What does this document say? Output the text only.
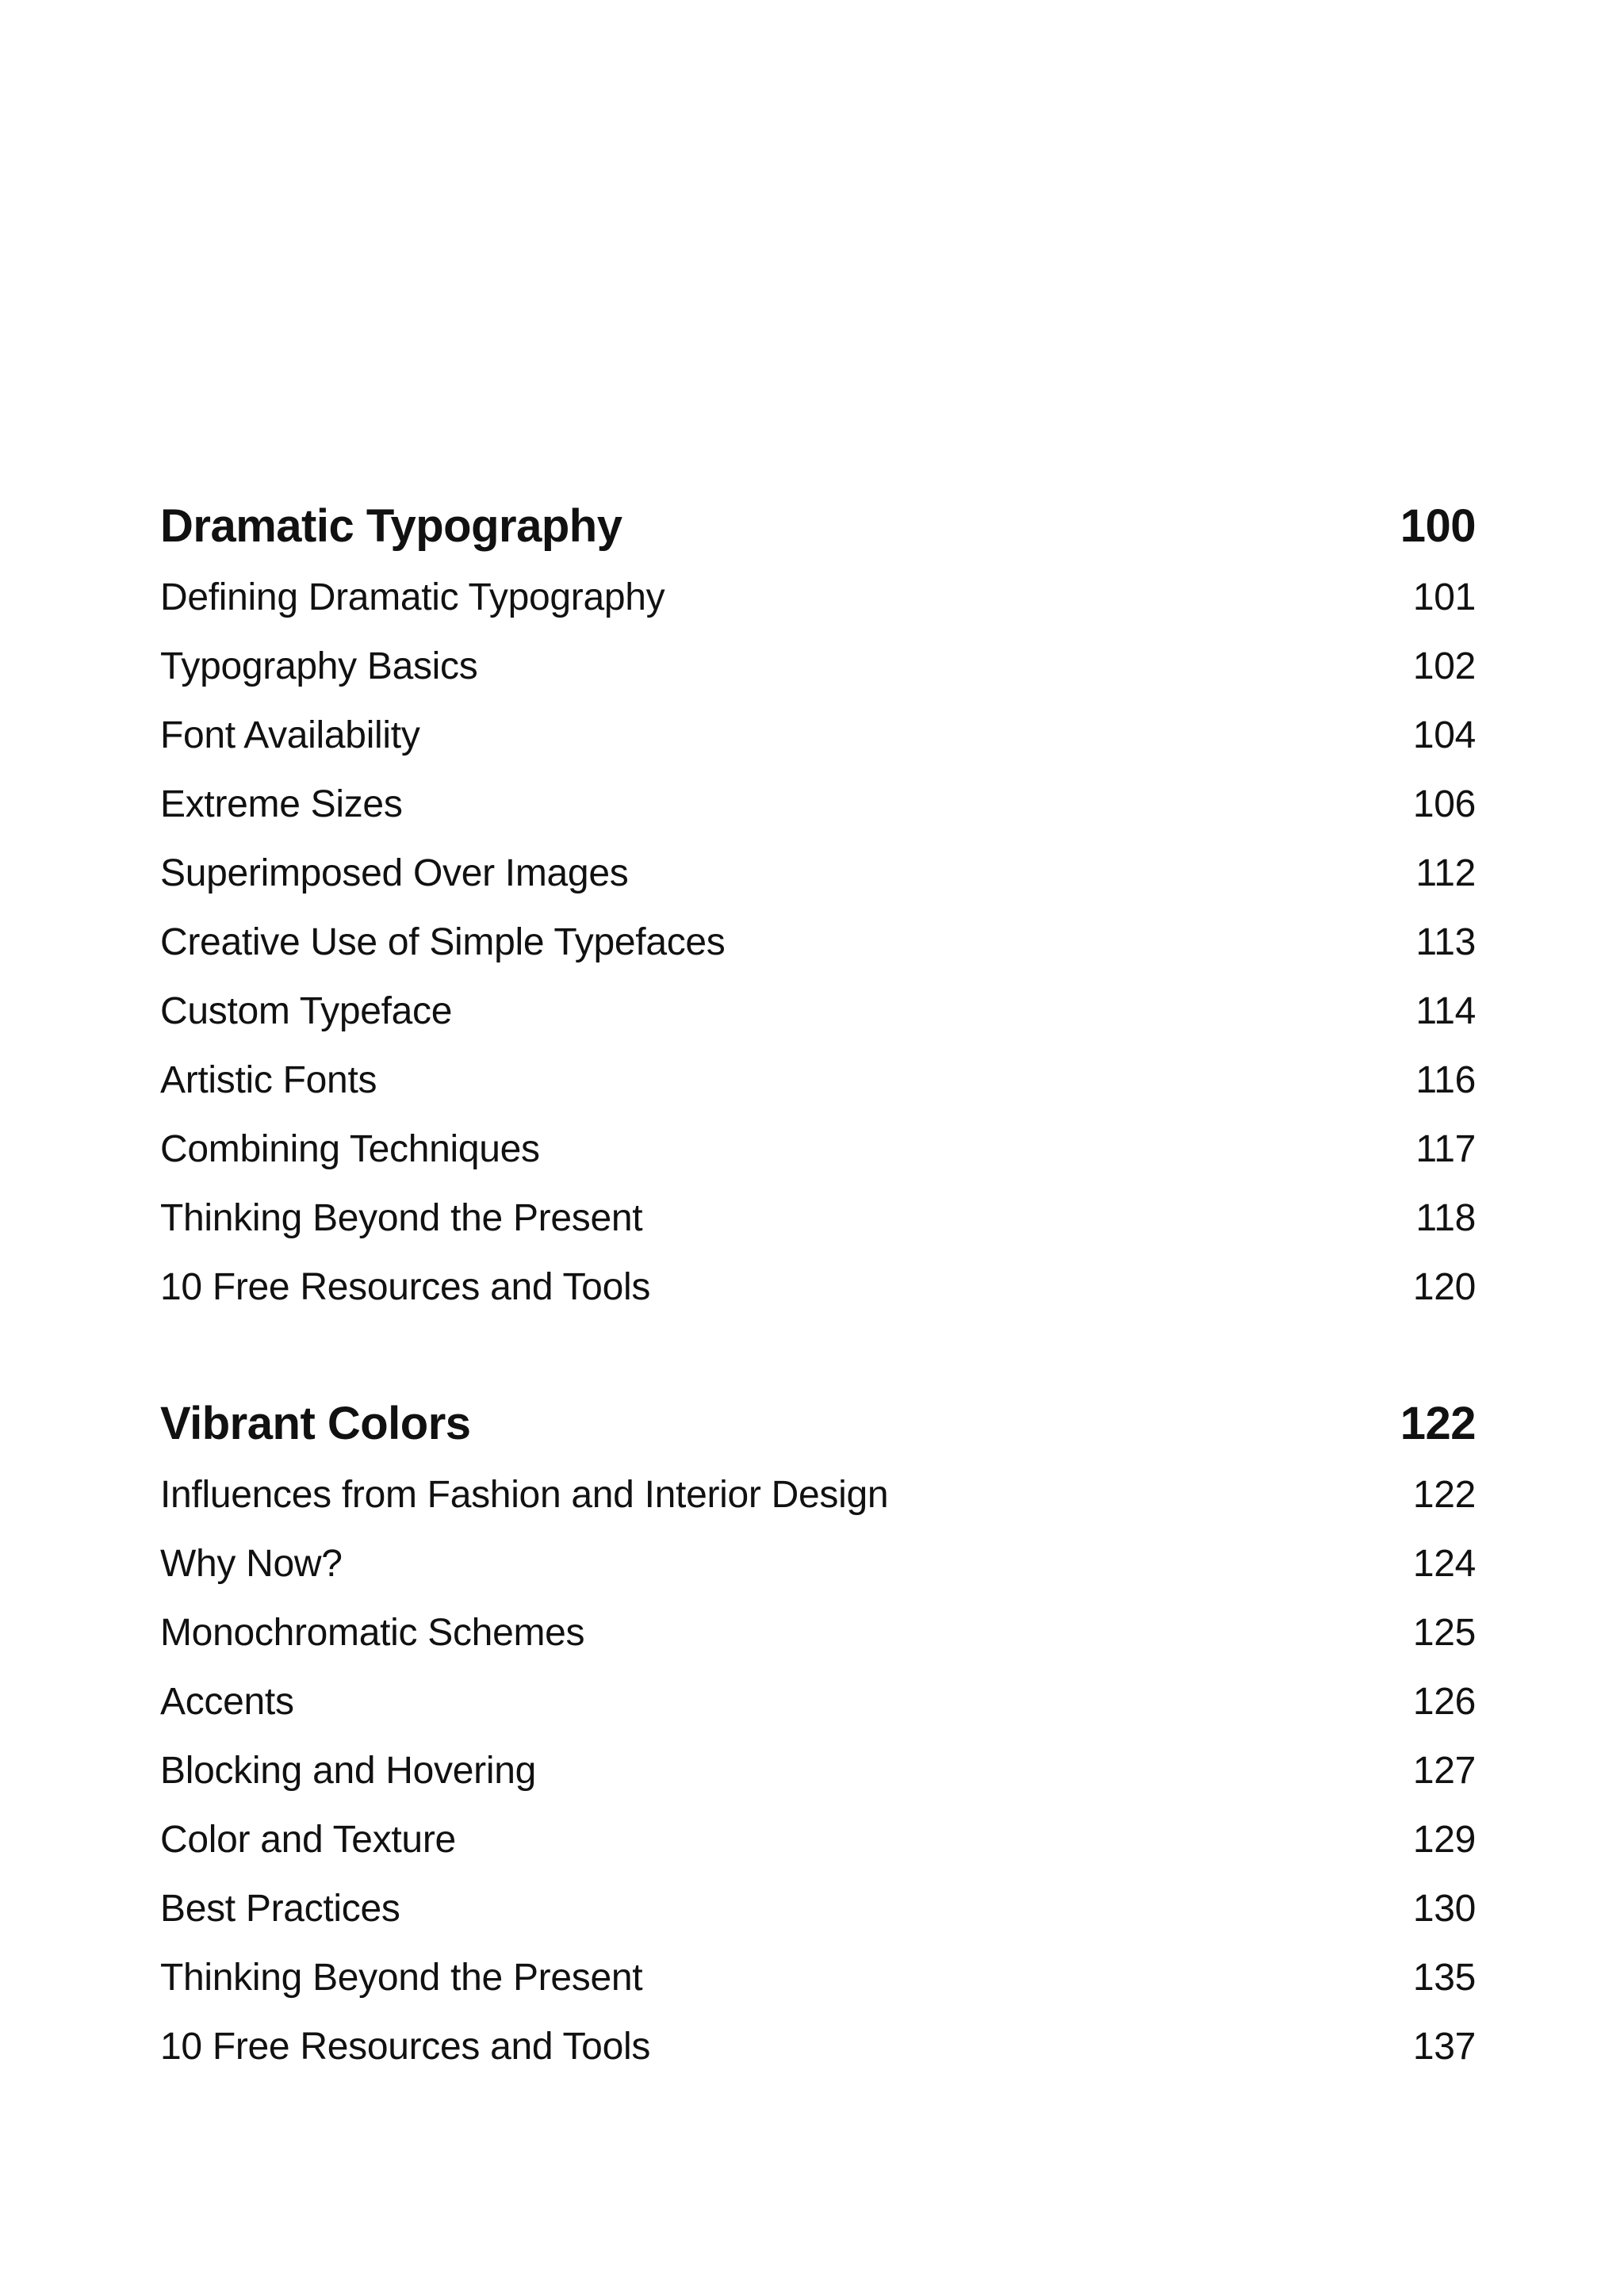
Dramatic Typography	100
Defining Dramatic Typography	101
Typography Basics	102
Font Availability	104
Extreme Sizes	106
Superimposed Over Images	112
Creative Use of Simple Typefaces	113
Custom Typeface	114
Artistic Fonts	116
Combining Techniques	117
Thinking Beyond the Present	118
10 Free Resources and Tools	120
Vibrant Colors	122
Influences from Fashion and Interior Design	122
Why Now?	124
Monochromatic Schemes	125
Accents	126
Blocking and Hovering	127
Color and Texture	129
Best Practices	130
Thinking Beyond the Present	135
10 Free Resources and Tools	137
